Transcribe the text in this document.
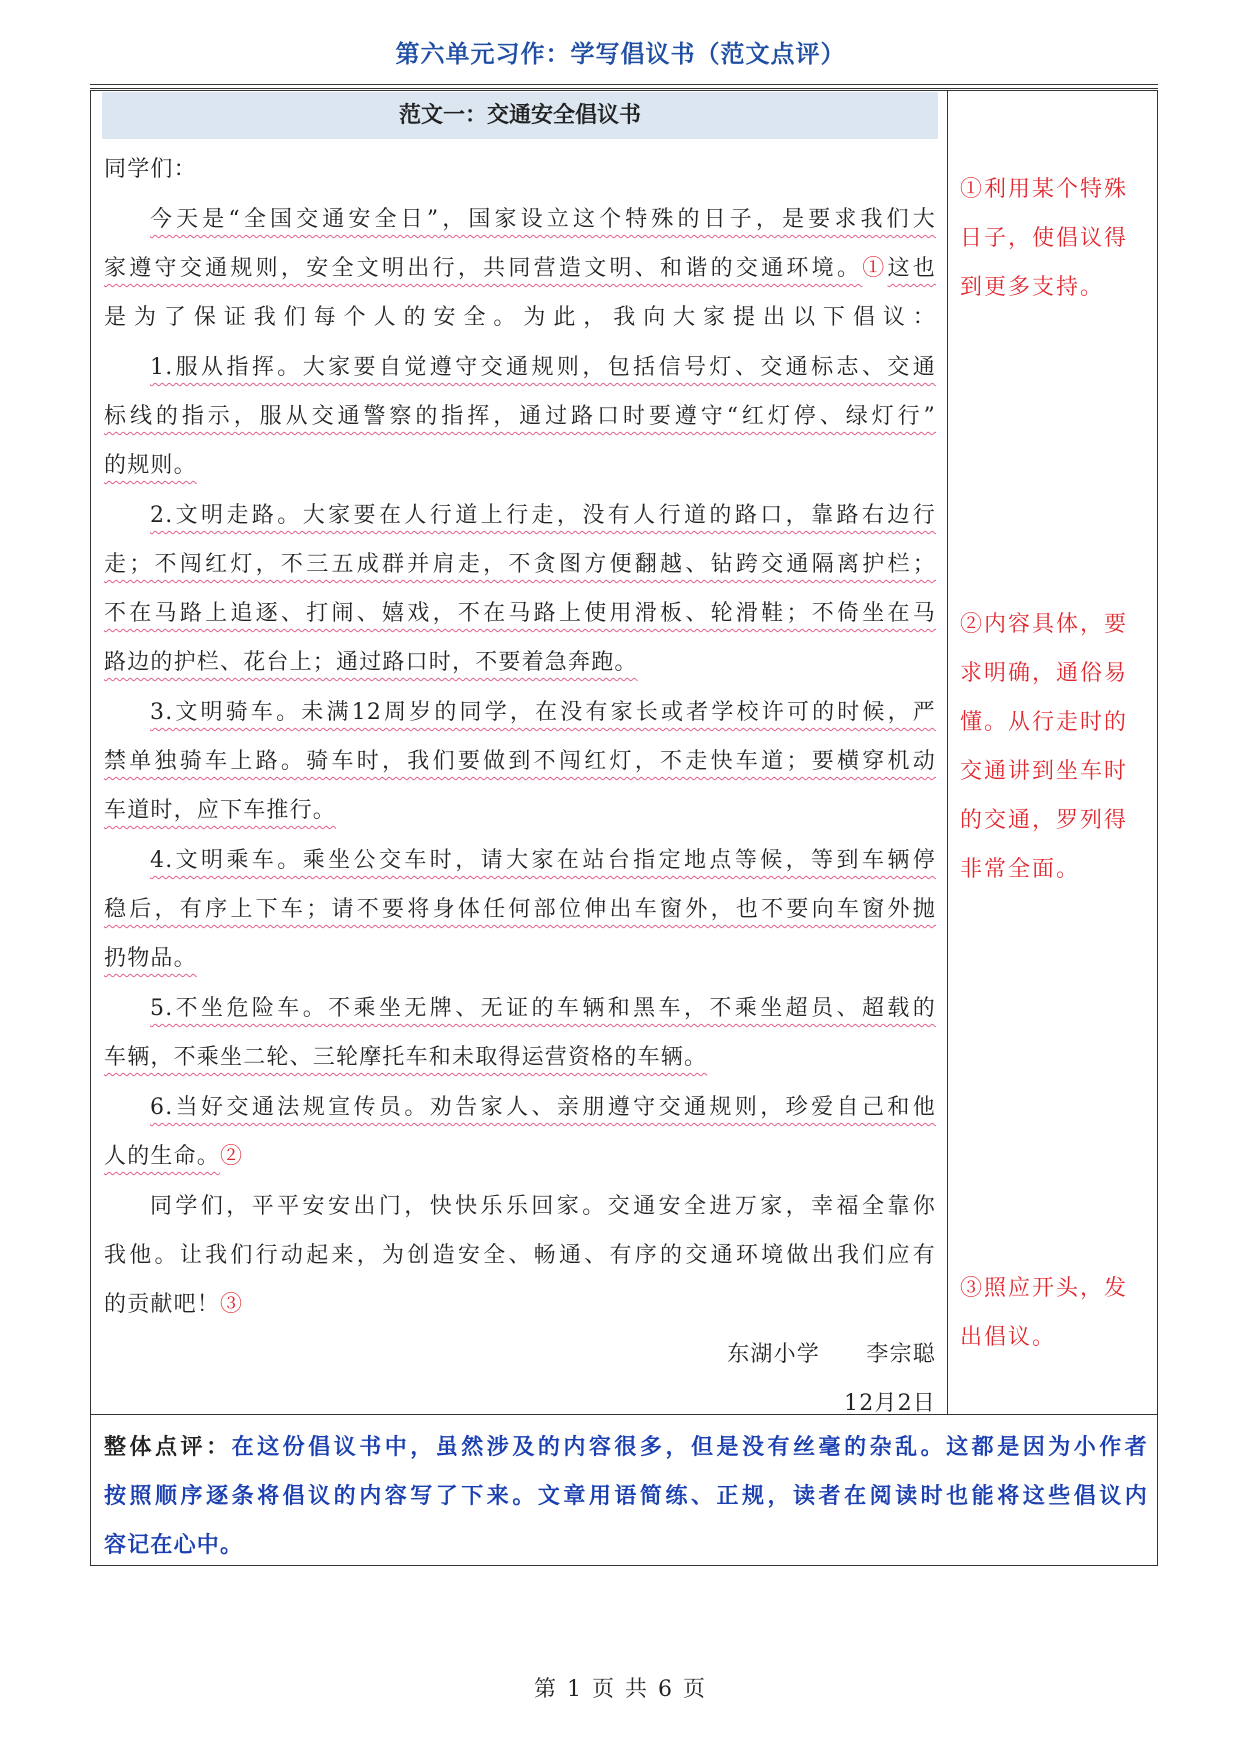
第六单元习作：学写倡议书（范文点评）
范文一：交通安全倡议书
同学们：
今天是“全国交通安全日”，国家设立这个特殊的日子，是要求我们大
家遵守交通规则，安全文明出行，共同营造文明、和谐的交通环境。①这也
是为了保证我们每个人的安全。为此，我向大家提出以下倡议：
1.服从指挥。大家要自觉遵守交通规则，包括信号灯、交通标志、交通
标线的指示，服从交通警察的指挥，通过路口时要遵守“红灯停、绿灯行”
的规则。
2.文明走路。大家要在人行道上行走，没有人行道的路口，靠路右边行
走；不闯红灯，不三五成群并肩走，不贪图方便翻越、钻跨交通隔离护栏；
不在马路上追逐、打闹、嬉戏，不在马路上使用滑板、轮滑鞋；不倚坐在马
路边的护栏、花台上；通过路口时，不要着急奔跑。
3.文明骑车。未满12周岁的同学，在没有家长或者学校许可的时候，严
禁单独骑车上路。骑车时，我们要做到不闯红灯，不走快车道；要横穿机动
车道时，应下车推行。
4.文明乘车。乘坐公交车时，请大家在站台指定地点等候，等到车辆停
稳后，有序上下车；请不要将身体任何部位伸出车窗外，也不要向车窗外抛
扔物品。
5.不坐危险车。不乘坐无牌、无证的车辆和黑车，不乘坐超员、超载的
车辆，不乘坐二轮、三轮摩托车和未取得运营资格的车辆。
6.当好交通法规宣传员。劝告家人、亲朋遵守交通规则，珍爱自己和他
人的生命。②
同学们，平平安安出门，快快乐乐回家。交通安全进万家，幸福全靠你
我他。让我们行动起来，为创造安全、畅通、有序的交通环境做出我们应有
的贡献吧！③
东湖小学　　李宗聪
12月2日
①利用某个特殊
日子，使倡议得
到更多支持。
②内容具体，要
求明确，通俗易
懂。从行走时的
交通讲到坐车时
的交通，罗列得
非常全面。
③照应开头，发
出倡议。
整体点评：在这份倡议书中，虽然涉及的内容很多，但是没有丝毫的杂乱。这都是因为小作者
按照顺序逐条将倡议的内容写了下来。文章用语简练、正规，读者在阅读时也能将这些倡议内
容记在心中。
第 1 页 共 6 页
